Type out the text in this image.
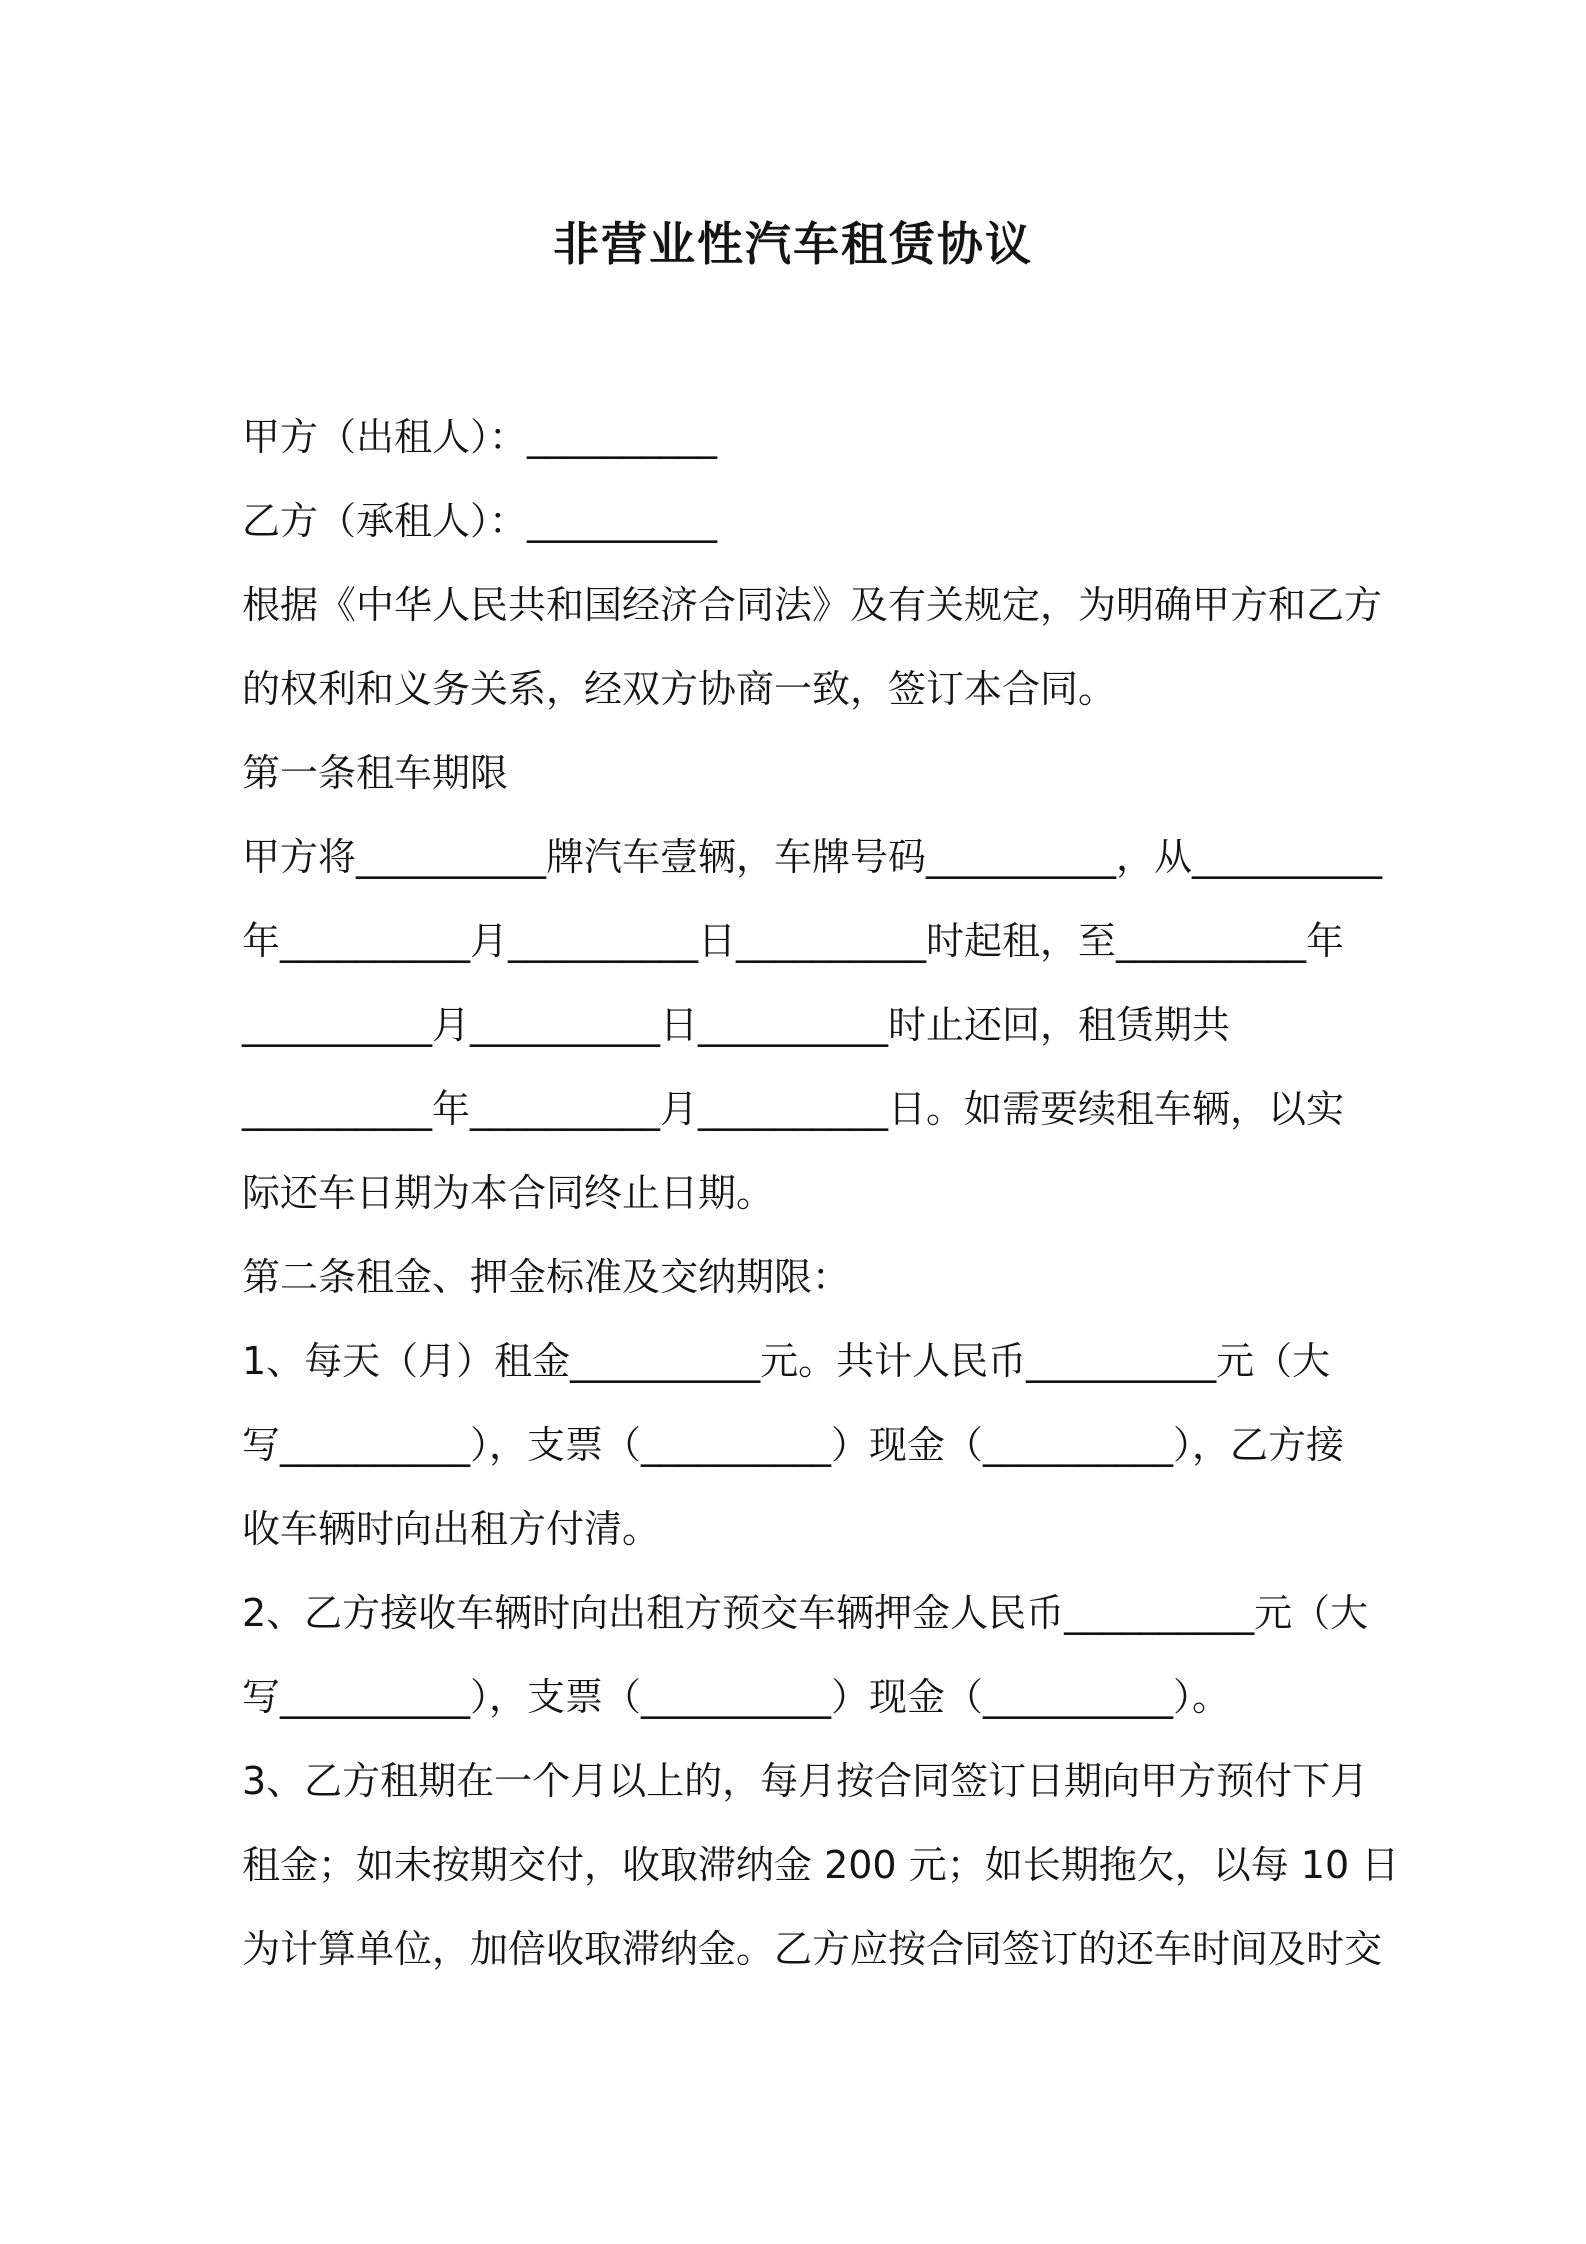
非营业性汽车租赁协议
甲方（出租人）：__________
乙方（承租人）：__________
根据《中华人民共和国经济合同法》及有关规定，为明确甲方和乙方
的权利和义务关系，经双方协商一致，签订本合同。
第一条租车期限
甲方将__________牌汽车壹辆，车牌号码__________，从__________
年__________月__________日__________时起租，至__________年
__________月__________日__________时止还回，租赁期共
__________年__________月__________日。如需要续租车辆，以实
际还车日期为本合同终止日期。
第二条租金、押金标准及交纳期限：
1、每天（月）租金__________元。共计人民币__________元（大
写__________），支票（__________）现金（__________），乙方接
收车辆时向出租方付清。
2、乙方接收车辆时向出租方预交车辆押金人民币__________元（大
写__________），支票（__________）现金（__________）。
3、乙方租期在一个月以上的，每月按合同签订日期向甲方预付下月
租金；如未按期交付，收取滞纳金 200 元；如长期拖欠，以每 10 日
为计算单位，加倍收取滞纳金。乙方应按合同签订的还车时间及时交
